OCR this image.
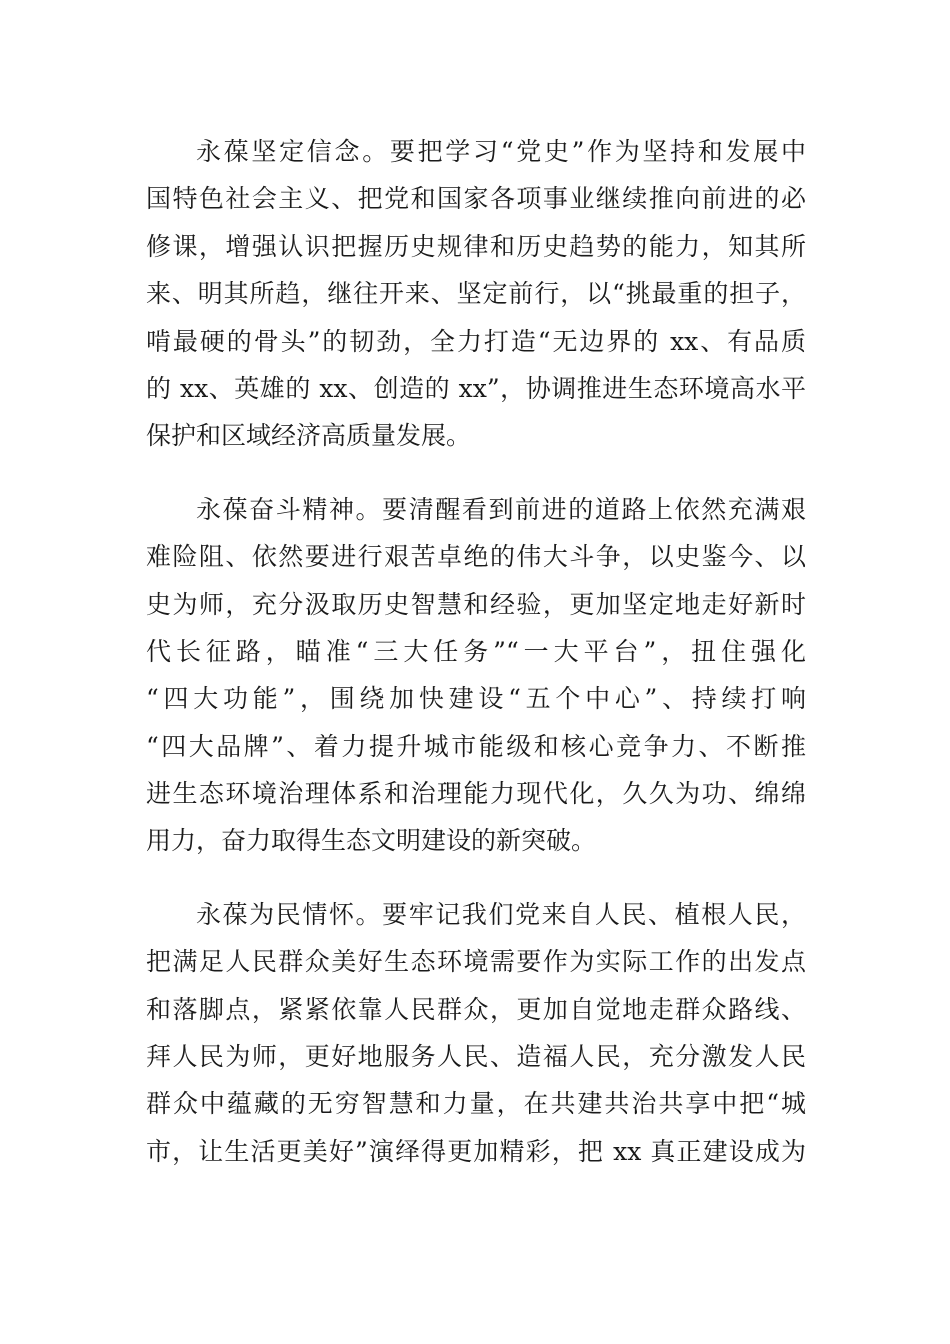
永葆坚定信念。要把学习“党史”作为坚持和发展中
国特色社会主义、把党和国家各项事业继续推向前进的必
修课，增强认识把握历史规律和历史趋势的能力，知其所
来、明其所趋，继往开来、坚定前行，以“挑最重的担子，
啃最硬的骨头”的韧劲，全力打造“无边界的 xx、有品质
的 xx、英雄的 xx、创造的 xx”，协调推进生态环境高水平
保护和区域经济高质量发展。
永葆奋斗精神。要清醒看到前进的道路上依然充满艰
难险阻、依然要进行艰苦卓绝的伟大斗争，以史鉴今、以
史为师，充分汲取历史智慧和经验，更加坚定地走好新时
代长征路，瞄准“三大任务”“一大平台”，扭住强化
“四大功能”，围绕加快建设“五个中心”、持续打响
“四大品牌”、着力提升城市能级和核心竞争力、不断推
进生态环境治理体系和治理能力现代化，久久为功、绵绵
用力，奋力取得生态文明建设的新突破。
永葆为民情怀。要牢记我们党来自人民、植根人民，
把满足人民群众美好生态环境需要作为实际工作的出发点
和落脚点，紧紧依靠人民群众，更加自觉地走群众路线、
拜人民为师，更好地服务人民、造福人民，充分激发人民
群众中蕴藏的无穷智慧和力量，在共建共治共享中把“城
市，让生活更美好”演绎得更加精彩，把 xx 真正建设成为
